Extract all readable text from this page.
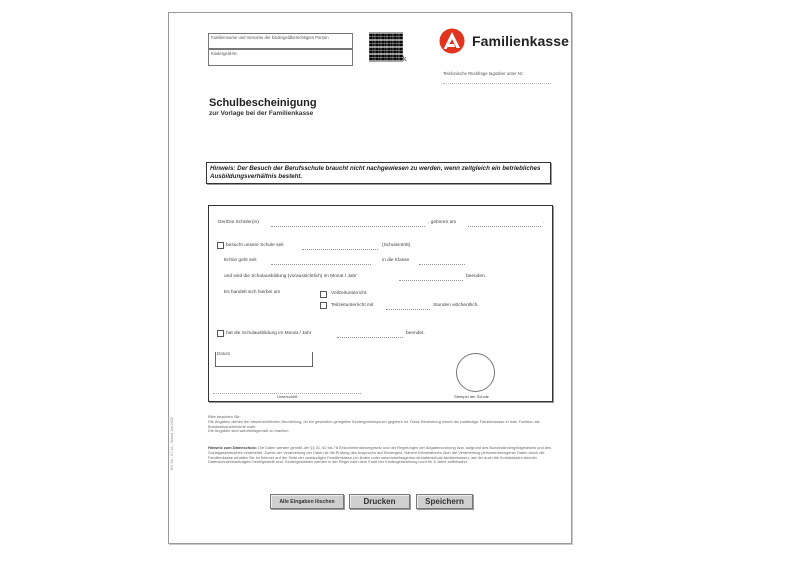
Familienname und Vorname der kindergeldberechtigten Person
Kindergeld-Nr.
k
Familienkasse
Telefonische Rückfrage tagsüber unter Nr.:
Schulbescheinigung
zur Vorlage bei der Familienkasse
Hinweis: Der Besuch der Berufsschule braucht nicht nachgewiesen zu werden, wenn zeitgleich ein betriebliches Ausbildungsverhältnis besteht.
Der/Die Schüler(in)	, geboren am	.
besucht unsere Schule seit	(Schuleintritt).
Er/Sie geht seit	in die Klasse
und wird die Schulausbildung (voraussichtlich) im Monat / Jahr	beenden.
Es handelt sich hierbei um	Vollzeitunterricht
Teilzeitunterricht mit	Stunden wöchentlich.
hat die Schulausbildung im Monat / Jahr	beendet.
Datum
Unterschrift	Stempel der Schule
Bitte beachten Sie:
Die Angaben dienen der steuerrechtlichen Beurteilung, ob ein gesetzlich geregelter Kindergeldanspruch gegeben ist. Diese Beurteilung nimmt die zuständige Familienkasse in ihrer Funktion als Bundesfinanzbehörde wahr.
Die Angaben sind wahrheitsgemäß zu machen.
Hinweis zum Datenschutz: Die Daten werden gemäß der §§ 31, 62 bis 78 Einkommensteuergesetz und der Regelungen der Abgabenordnung bzw. aufgrund des Bundeskindergeldgesetzes und des Sozialgesetzbuches verarbeitet. Zweck der Verarbeitung der Daten ist die Prüfung des Anspruchs auf Kindergeld. Nähere Informationen über die Verarbeitung personenbezogener Daten durch die Familienkasse erhalten Sie im Internet auf der Seite der zuständigen Familienkasse (zu finden unter www.arbeitsagentur.de/datenschutz-familienkasse), auf der auch die Kontaktdaten des/der Datenschutzbeauftragten bereitgestellt sind. Kindergeldakten werden in der Regel nach dem Ende der Kindergeldzahlung noch für 6 Jahre aufbewahrt.
KG 5a - 07.22 - Stand Juli 2022
Alle Eingaben löschen	Drucken	Speichern
